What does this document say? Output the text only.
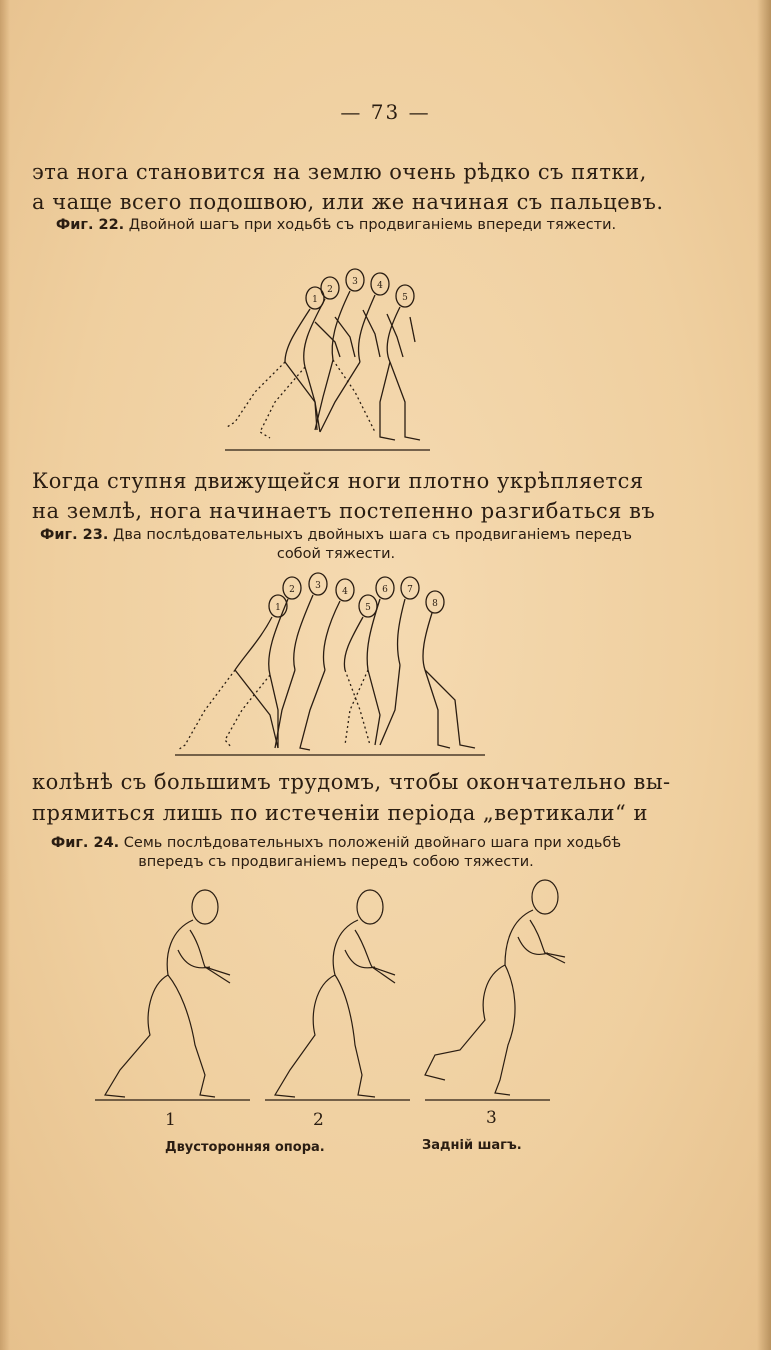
— 73 —
эта нога становится на землю очень рѣдко съ пятки,
а чаще всего подошвою, или же начиная съ пальцевъ.
Фиг. 22. Двойной шагъ при ходьбѣ съ продвиганіемь впереди тяжести.
1
2
3 4
5
Когда ступня движущейся ноги плотно укрѣпляется
на землѣ, нога начинаетъ постепенно разгибаться въ
Фиг. 23. Два послѣдовательныхъ двойныхъ шага съ продвиганіемъ передъ собой тяжести.
1
2 3
4
5
6 7
8
колѣнѣ съ большимъ трудомъ, чтобы окончательно вы-
прямиться лишь по истеченіи періода „вертикали“ и
Фиг. 24. Семь послѣдовательныхъ положеній двойнаго шага при ходьбѣ впередъ съ продвиганіемъ передъ собою тяжести.
1	2	3
Двусторонняя опора.	Задній шагъ.
